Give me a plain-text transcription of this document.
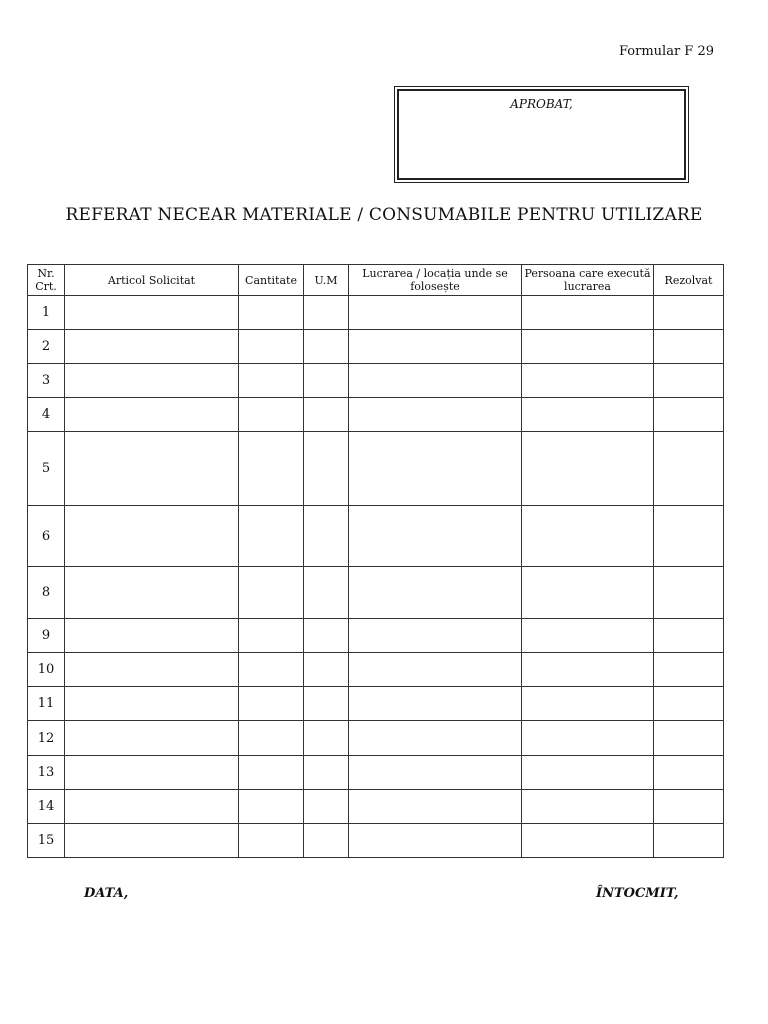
Formular F 29
APROBAT,
REFERAT NECEAR MATERIALE / CONSUMABILE PENTRU UTILIZARE
Nr. Crt.	Articol Solicitat	Cantitate	U.M	Lucrarea / locația unde se folosește	Persoana care execută lucrarea	Rezolvat
1						
2						
3						
4						
5						
6						
8						
9						
10						
11						
12						
13						
14						
15						
DATA,	ÎNTOCMIT,
